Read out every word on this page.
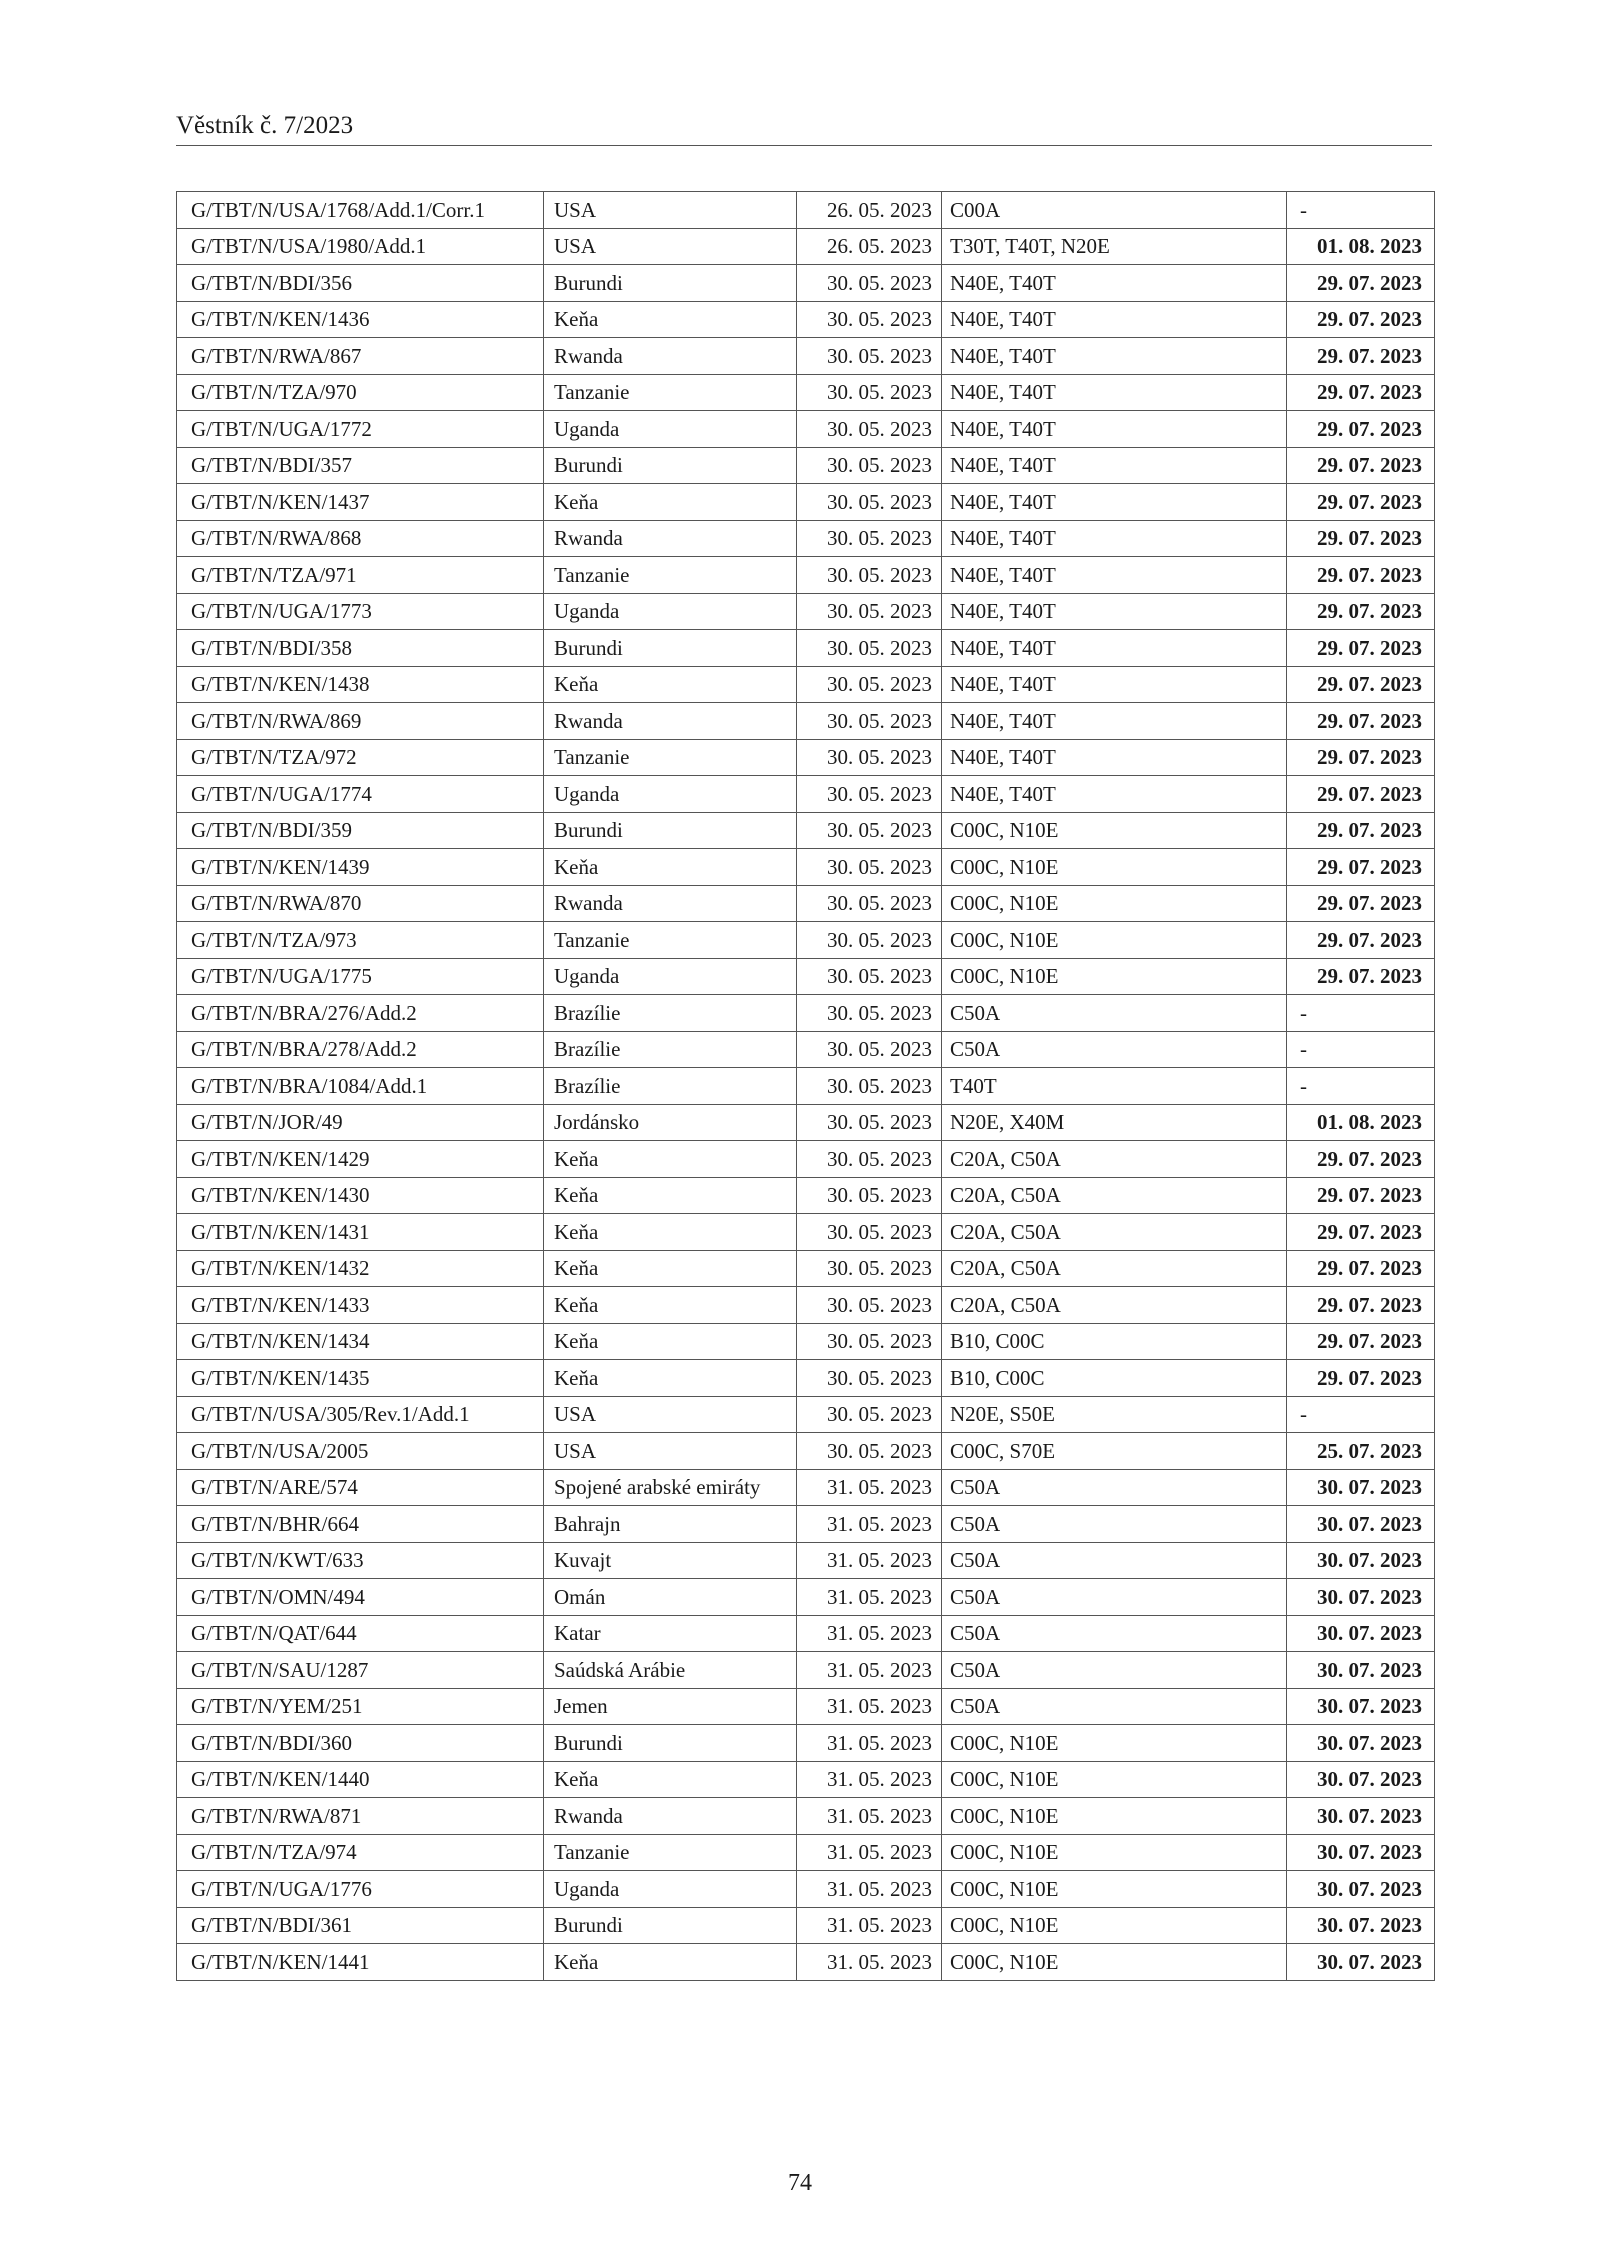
Věstník č. 7/2023
G/TBT/N/USA/1768/Add.1/Corr.1	USA	26. 05. 2023	C00A	-
G/TBT/N/USA/1980/Add.1	USA	26. 05. 2023	T30T, T40T, N20E	01. 08. 2023
G/TBT/N/BDI/356	Burundi	30. 05. 2023	N40E, T40T	29. 07. 2023
G/TBT/N/KEN/1436	Keňa	30. 05. 2023	N40E, T40T	29. 07. 2023
G/TBT/N/RWA/867	Rwanda	30. 05. 2023	N40E, T40T	29. 07. 2023
G/TBT/N/TZA/970	Tanzanie	30. 05. 2023	N40E, T40T	29. 07. 2023
G/TBT/N/UGA/1772	Uganda	30. 05. 2023	N40E, T40T	29. 07. 2023
G/TBT/N/BDI/357	Burundi	30. 05. 2023	N40E, T40T	29. 07. 2023
G/TBT/N/KEN/1437	Keňa	30. 05. 2023	N40E, T40T	29. 07. 2023
G/TBT/N/RWA/868	Rwanda	30. 05. 2023	N40E, T40T	29. 07. 2023
G/TBT/N/TZA/971	Tanzanie	30. 05. 2023	N40E, T40T	29. 07. 2023
G/TBT/N/UGA/1773	Uganda	30. 05. 2023	N40E, T40T	29. 07. 2023
G/TBT/N/BDI/358	Burundi	30. 05. 2023	N40E, T40T	29. 07. 2023
G/TBT/N/KEN/1438	Keňa	30. 05. 2023	N40E, T40T	29. 07. 2023
G/TBT/N/RWA/869	Rwanda	30. 05. 2023	N40E, T40T	29. 07. 2023
G/TBT/N/TZA/972	Tanzanie	30. 05. 2023	N40E, T40T	29. 07. 2023
G/TBT/N/UGA/1774	Uganda	30. 05. 2023	N40E, T40T	29. 07. 2023
G/TBT/N/BDI/359	Burundi	30. 05. 2023	C00C, N10E	29. 07. 2023
G/TBT/N/KEN/1439	Keňa	30. 05. 2023	C00C, N10E	29. 07. 2023
G/TBT/N/RWA/870	Rwanda	30. 05. 2023	C00C, N10E	29. 07. 2023
G/TBT/N/TZA/973	Tanzanie	30. 05. 2023	C00C, N10E	29. 07. 2023
G/TBT/N/UGA/1775	Uganda	30. 05. 2023	C00C, N10E	29. 07. 2023
G/TBT/N/BRA/276/Add.2	Brazílie	30. 05. 2023	C50A	-
G/TBT/N/BRA/278/Add.2	Brazílie	30. 05. 2023	C50A	-
G/TBT/N/BRA/1084/Add.1	Brazílie	30. 05. 2023	T40T	-
G/TBT/N/JOR/49	Jordánsko	30. 05. 2023	N20E, X40M	01. 08. 2023
G/TBT/N/KEN/1429	Keňa	30. 05. 2023	C20A, C50A	29. 07. 2023
G/TBT/N/KEN/1430	Keňa	30. 05. 2023	C20A, C50A	29. 07. 2023
G/TBT/N/KEN/1431	Keňa	30. 05. 2023	C20A, C50A	29. 07. 2023
G/TBT/N/KEN/1432	Keňa	30. 05. 2023	C20A, C50A	29. 07. 2023
G/TBT/N/KEN/1433	Keňa	30. 05. 2023	C20A, C50A	29. 07. 2023
G/TBT/N/KEN/1434	Keňa	30. 05. 2023	B10, C00C	29. 07. 2023
G/TBT/N/KEN/1435	Keňa	30. 05. 2023	B10, C00C	29. 07. 2023
G/TBT/N/USA/305/Rev.1/Add.1	USA	30. 05. 2023	N20E, S50E	-
G/TBT/N/USA/2005	USA	30. 05. 2023	C00C, S70E	25. 07. 2023
G/TBT/N/ARE/574	Spojené arabské emiráty	31. 05. 2023	C50A	30. 07. 2023
G/TBT/N/BHR/664	Bahrajn	31. 05. 2023	C50A	30. 07. 2023
G/TBT/N/KWT/633	Kuvajt	31. 05. 2023	C50A	30. 07. 2023
G/TBT/N/OMN/494	Omán	31. 05. 2023	C50A	30. 07. 2023
G/TBT/N/QAT/644	Katar	31. 05. 2023	C50A	30. 07. 2023
G/TBT/N/SAU/1287	Saúdská Arábie	31. 05. 2023	C50A	30. 07. 2023
G/TBT/N/YEM/251	Jemen	31. 05. 2023	C50A	30. 07. 2023
G/TBT/N/BDI/360	Burundi	31. 05. 2023	C00C, N10E	30. 07. 2023
G/TBT/N/KEN/1440	Keňa	31. 05. 2023	C00C, N10E	30. 07. 2023
G/TBT/N/RWA/871	Rwanda	31. 05. 2023	C00C, N10E	30. 07. 2023
G/TBT/N/TZA/974	Tanzanie	31. 05. 2023	C00C, N10E	30. 07. 2023
G/TBT/N/UGA/1776	Uganda	31. 05. 2023	C00C, N10E	30. 07. 2023
G/TBT/N/BDI/361	Burundi	31. 05. 2023	C00C, N10E	30. 07. 2023
G/TBT/N/KEN/1441	Keňa	31. 05. 2023	C00C, N10E	30. 07. 2023
74
